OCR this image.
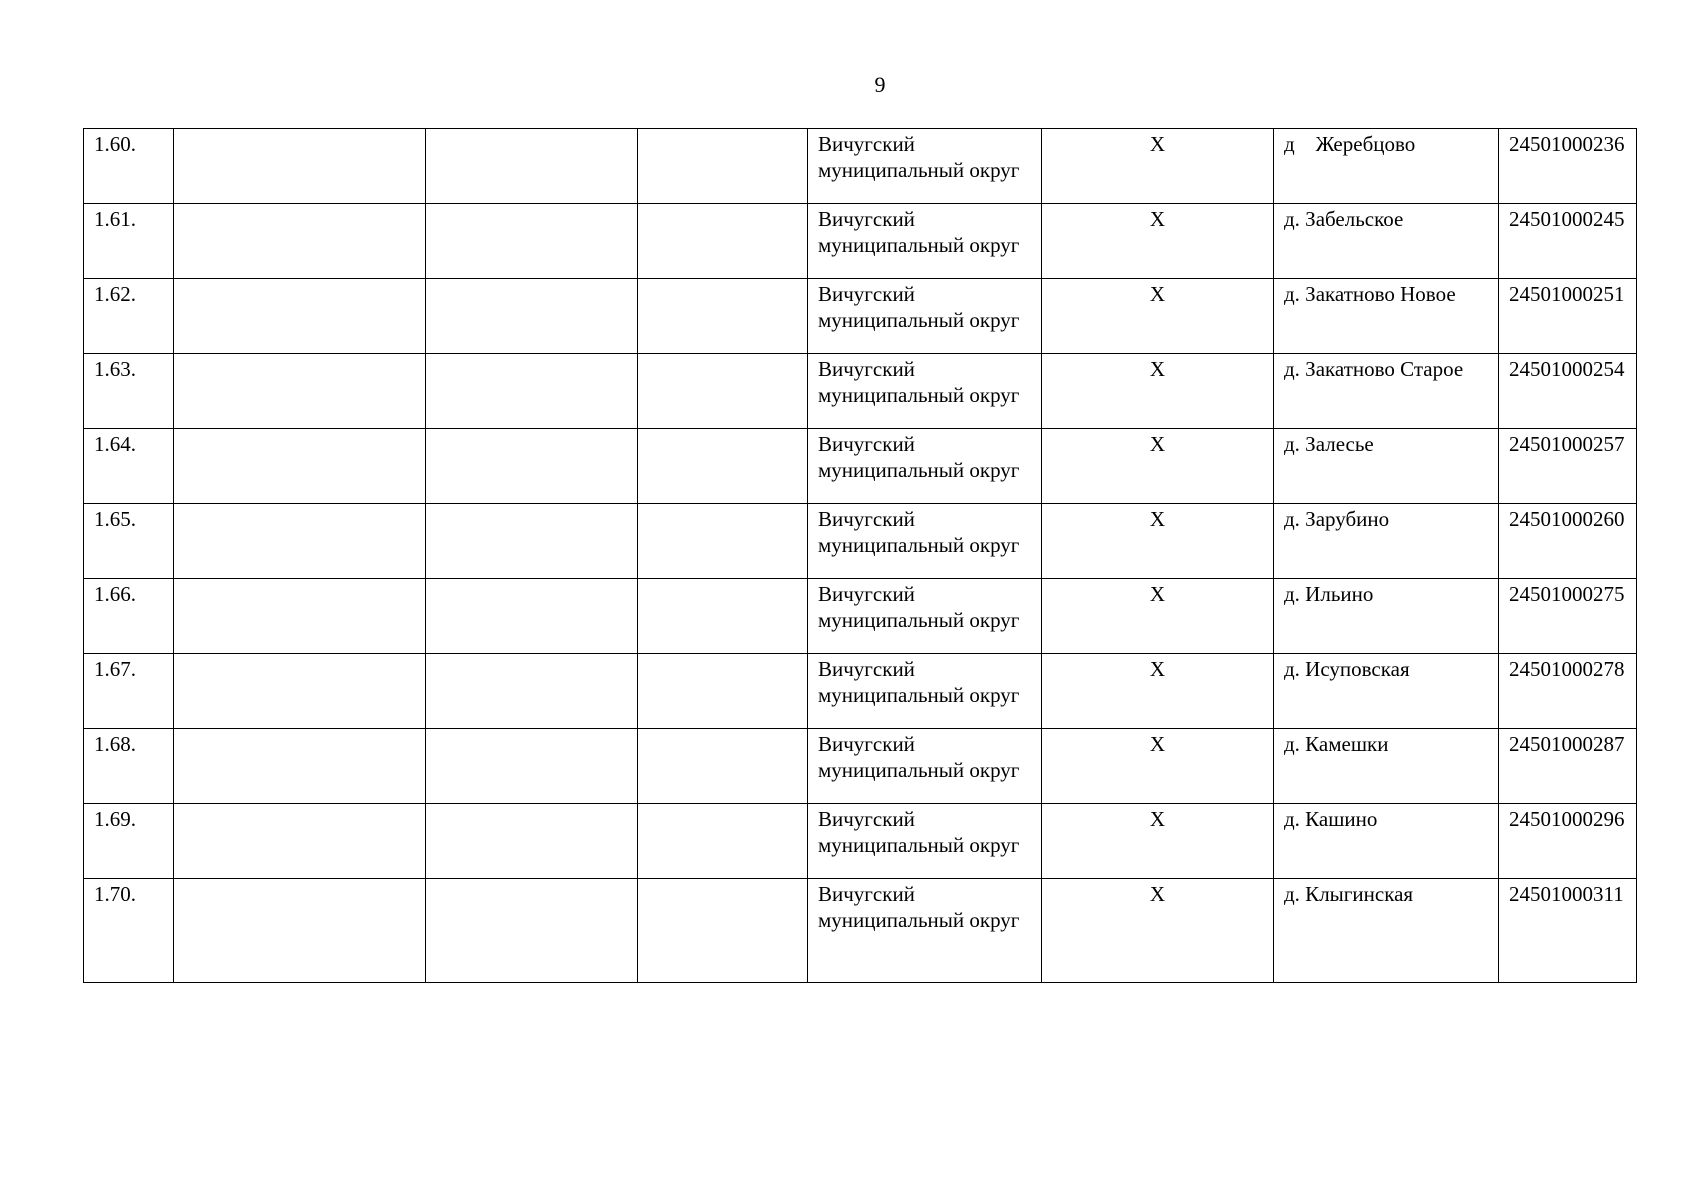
9
1.60.				Вичугский муниципальный округ	Х	д    Жеребцово	24501000236
1.61.				Вичугский муниципальный округ	Х	д. Забельское	24501000245
1.62.				Вичугский муниципальный округ	Х	д. Закатново Новое	24501000251
1.63.				Вичугский муниципальный округ	Х	д. Закатново Старое	24501000254
1.64.				Вичугский муниципальный округ	Х	д. Залесье	24501000257
1.65.				Вичугский муниципальный округ	Х	д. Зарубино	24501000260
1.66.				Вичугский муниципальный округ	Х	д. Ильино	24501000275
1.67.				Вичугский муниципальный округ	Х	д. Исуповская	24501000278
1.68.				Вичугский муниципальный округ	Х	д. Камешки	24501000287
1.69.				Вичугский муниципальный округ	Х	д. Кашино	24501000296
1.70.				Вичугский муниципальный округ	Х	д. Клыгинская	24501000311
